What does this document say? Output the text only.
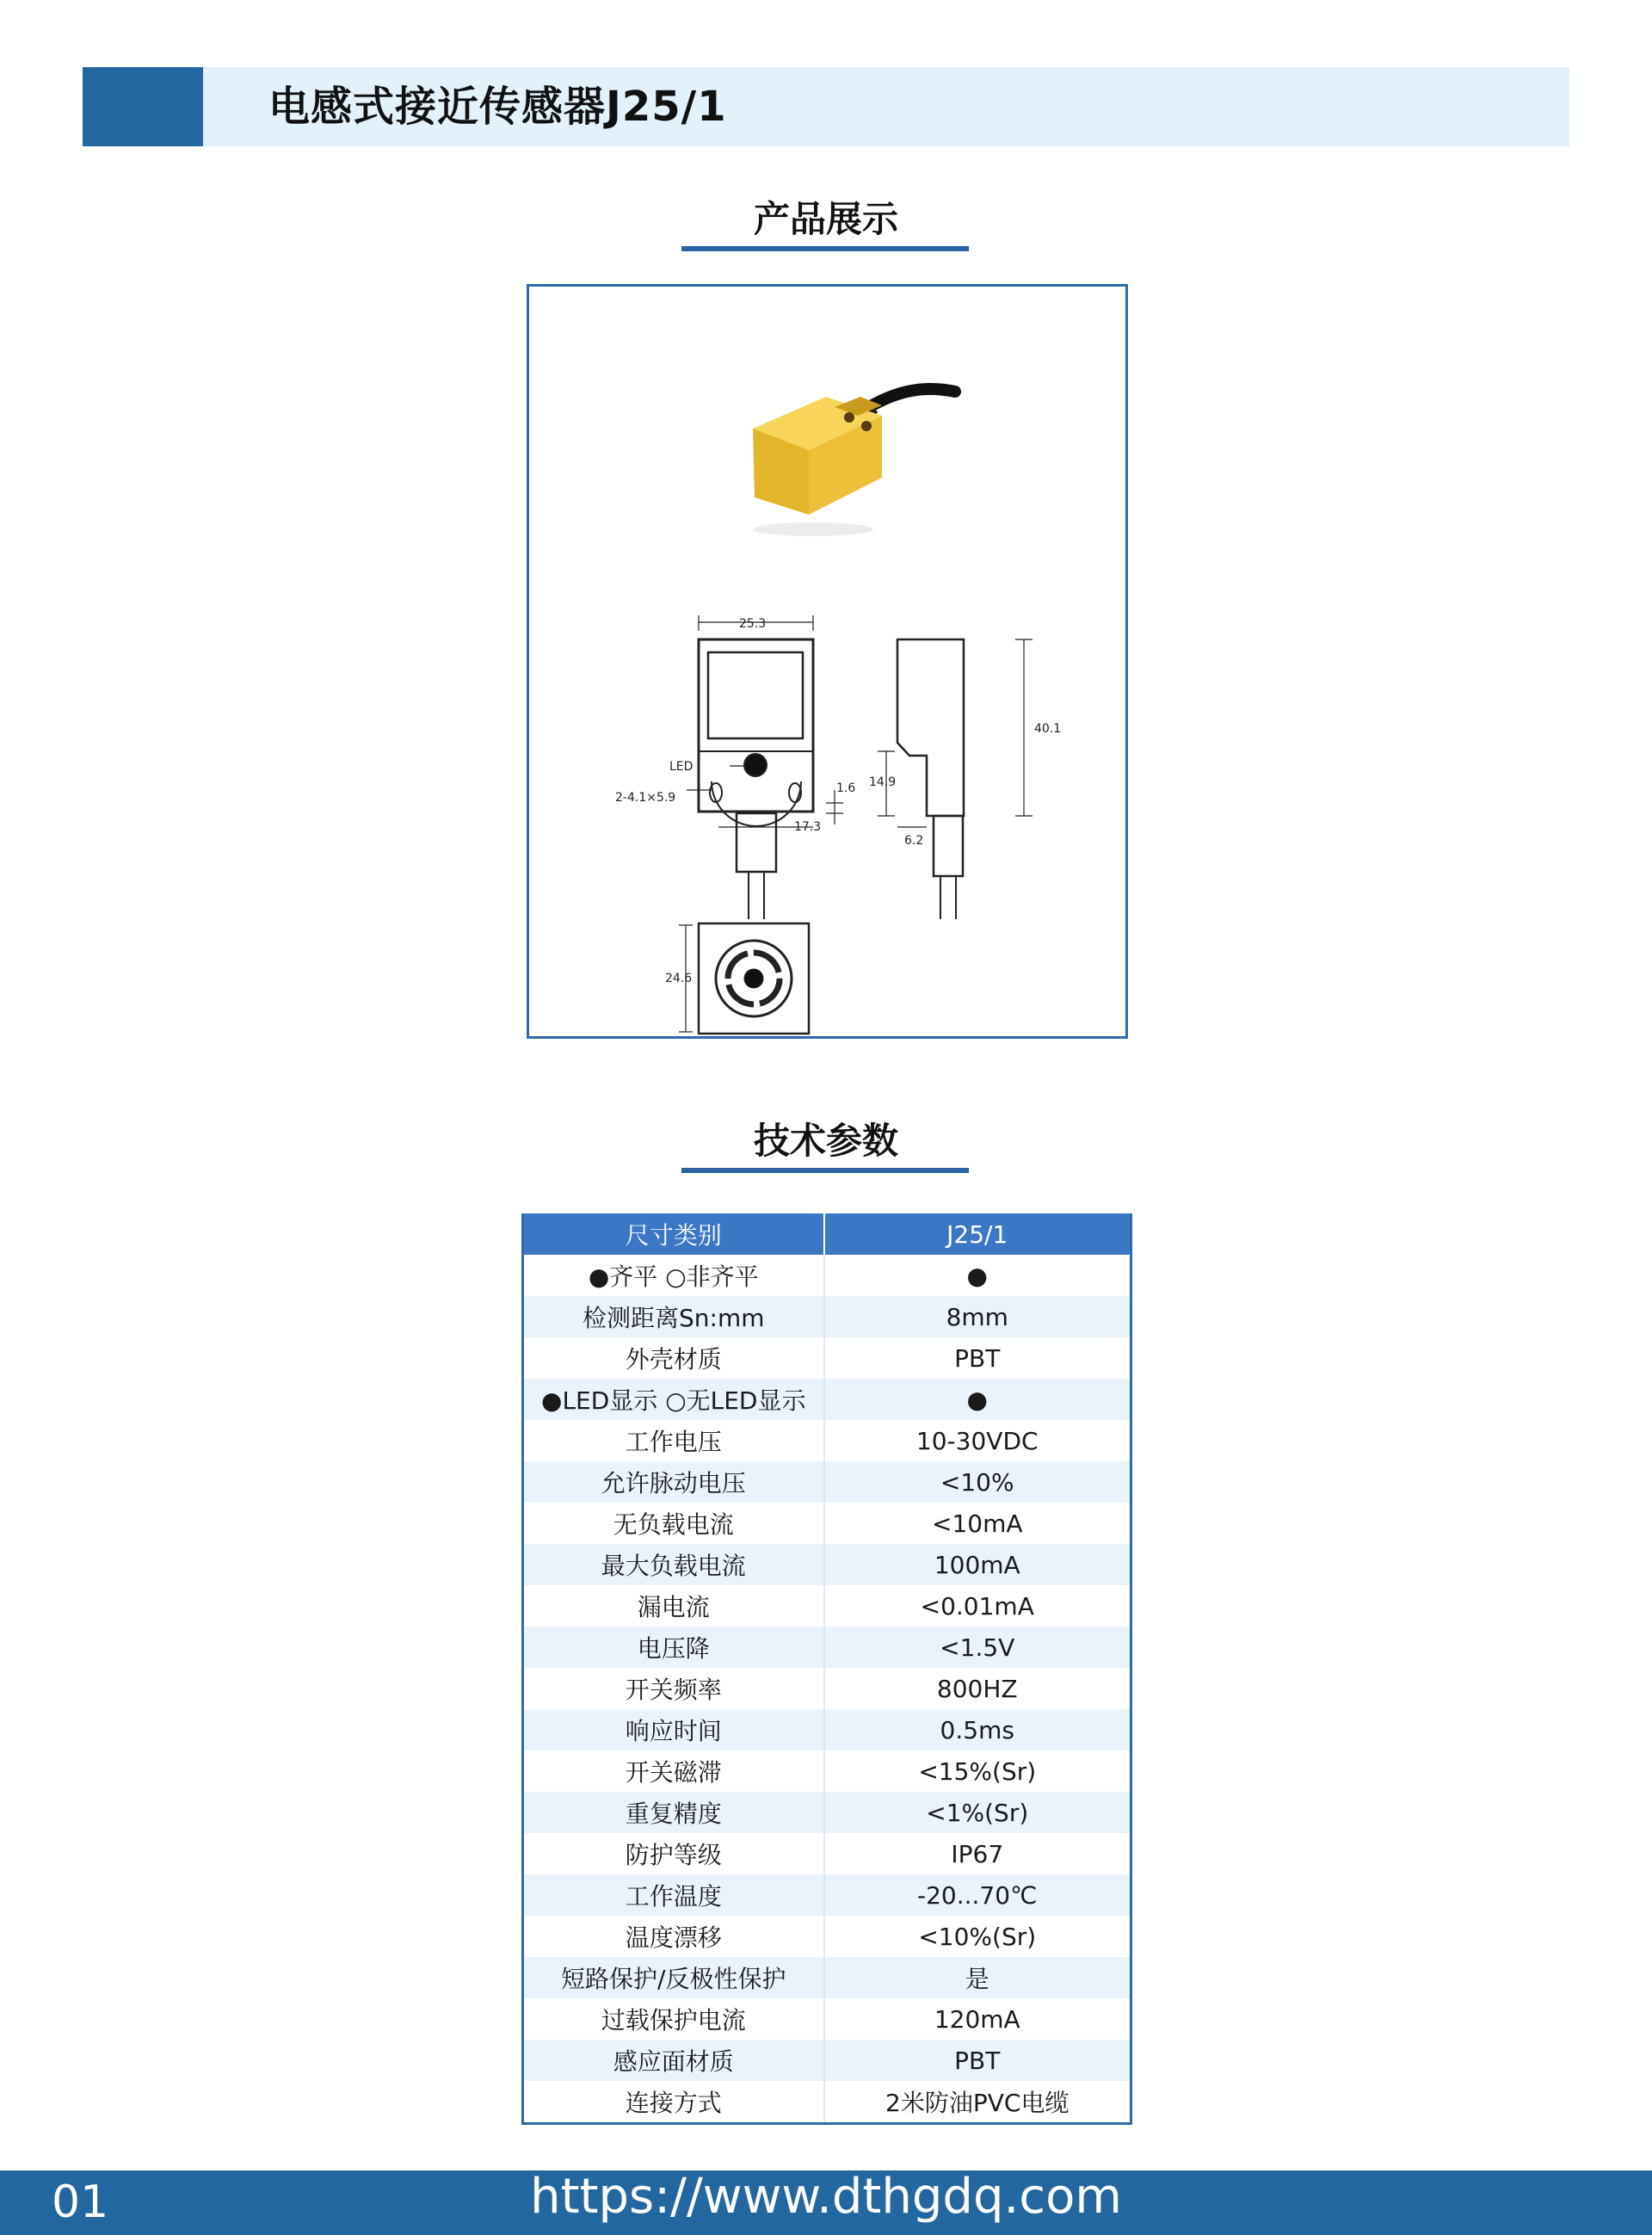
电感式接近传感器J25/1
产品展示
25.3
40.1
LED
2-4.1×5.9
1.6
17.3
14.9
6.2
24.6
技术参数
尺寸类别	J25/1
●齐平 ○非齐平	●
检测距离Sn:mm	8mm
外壳材质	PBT
●LED显示 ○无LED显示	●
工作电压	10-30VDC
允许脉动电压	<10%
无负载电流	<10mA
最大负载电流	100mA
漏电流	<0.01mA
电压降	<1.5V
开关频率	800HZ
响应时间	0.5ms
开关磁滞	<15%(Sr)
重复精度	<1%(Sr)
防护等级	IP67
工作温度	-20...70℃
温度漂移	<10%(Sr)
短路保护/反极性保护	是
过载保护电流	120mA
感应面材质	PBT
连接方式	2米防油PVC电缆
01	https://www.dthgdq.com
